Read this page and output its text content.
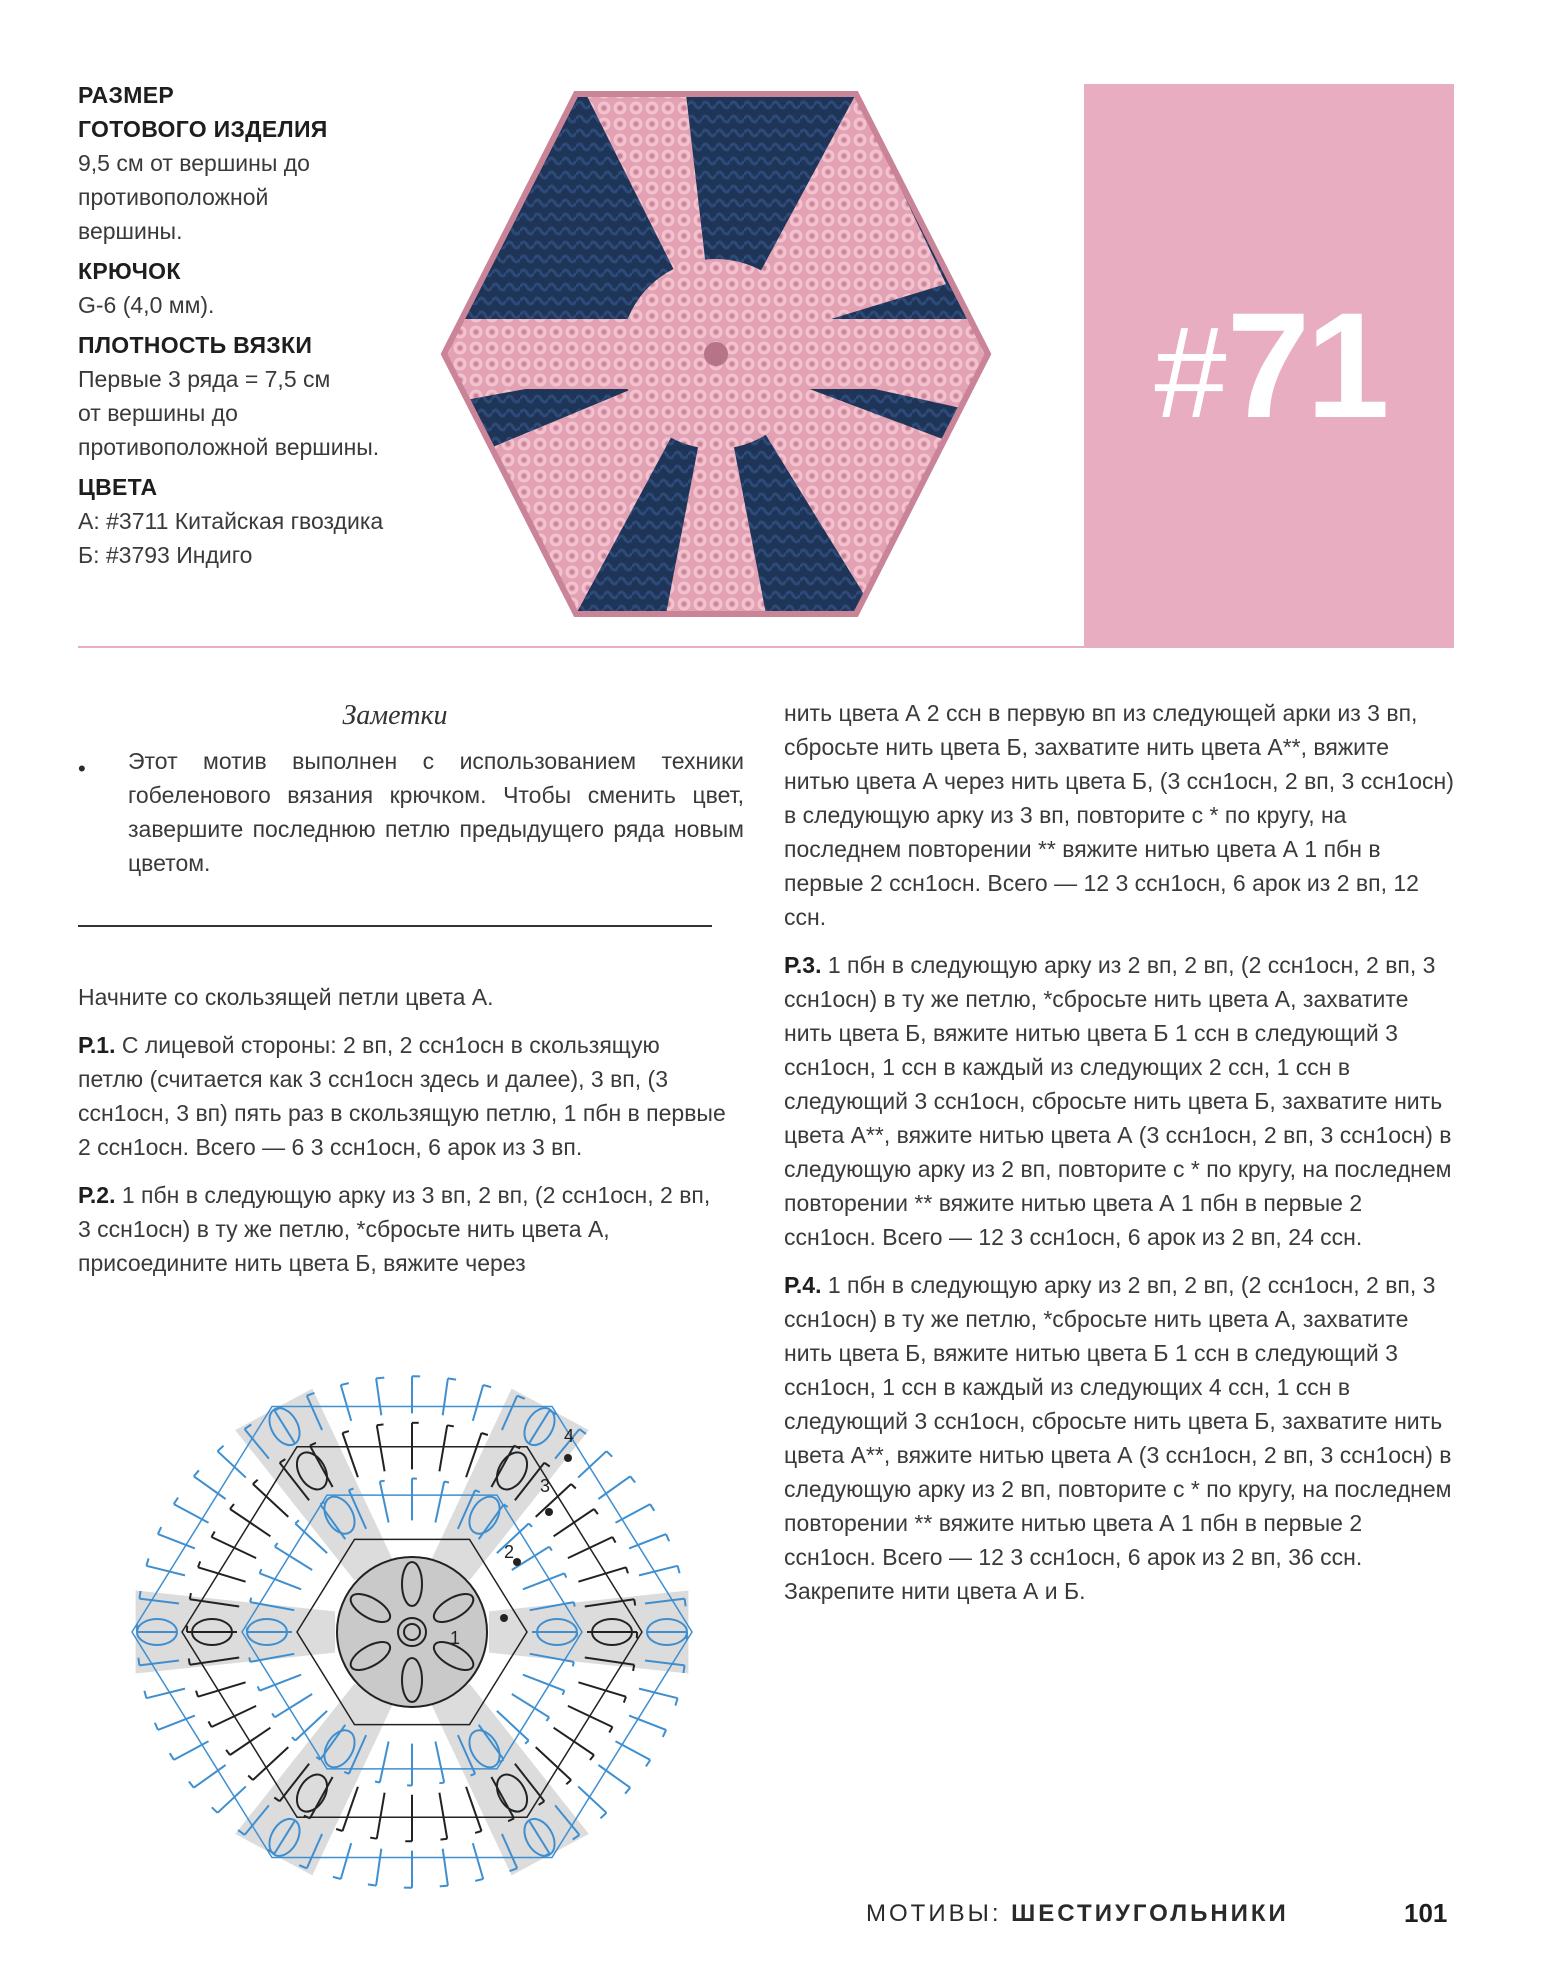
РАЗМЕР
ГОТОВОГО ИЗДЕЛИЯ
9,5 см от вершины до
противоположной
вершины.
КРЮЧОК
G-6 (4,0 мм).
ПЛОТНОСТЬ ВЯЗКИ
Первые 3 ряда = 7,5 см
от вершины до
противоположной вершины.
ЦВЕТА
А: #3711 Китайская гвоздика
Б: #3793 Индиго
#71
Заметки
• Этот мотив выполнен с использованием техники гобеленового вязания крючком. Чтобы сменить цвет, завершите последнюю петлю предыдущего ряда новым цветом.

Начните со скользящей петли цвета А.

Р.1. С лицевой стороны: 2 вп, 2 ссн1осн в скользящую петлю (считается как 3 ссн1осн здесь и далее), 3 вп, (3 ссн1осн, 3 вп) пять раз в скользящую петлю, 1 пбн в первые 2 ссн1осн. Всего — 6 3 ссн1осн, 6 арок из 3 вп.

Р.2. 1 пбн в следующую арку из 3 вп, 2 вп, (2 ссн1осн, 2 вп, 3 ссн1осн) в ту же петлю, *сбросьте нить цвета А, присоедините нить цвета Б, вяжите через

нить цвета А 2 ссн в первую вп из следующей арки из 3 вп, сбросьте нить цвета Б, захватите нить цвета А**, вяжите нитью цвета А через нить цвета Б, (3 ссн1осн, 2 вп, 3 ссн1осн) в следующую арку из 3 вп, повторите с * по кругу, на последнем повторении ** вяжите нитью цвета А 1 пбн в первые 2 ссн1осн. Всего — 12 3 ссн1осн, 6 арок из 2 вп, 12 ссн.

Р.3. 1 пбн в следующую арку из 2 вп, 2 вп, (2 ссн1осн, 2 вп, 3 ссн1осн) в ту же петлю, *сбросьте нить цвета А, захватите нить цвета Б, вяжите нитью цвета Б 1 ссн в следующий 3 ссн1осн, 1 ссн в каждый из следующих 2 ссн, 1 ссн в следующий 3 ссн1осн, сбросьте нить цвета Б, захватите нить цвета А**, вяжите нитью цвета А (3 ссн1осн, 2 вп, 3 ссн1осн) в следующую арку из 2 вп, повторите с * по кругу, на последнем повторении ** вяжите нитью цвета А 1 пбн в первые 2 ссн1осн. Всего — 12 3 ссн1осн, 6 арок из 2 вп, 24 ссн.

Р.4. 1 пбн в следующую арку из 2 вп, 2 вп, (2 ссн1осн, 2 вп, 3 ссн1осн) в ту же петлю, *сбросьте нить цвета А, захватите нить цвета Б, вяжите нитью цвета Б 1 ссн в следующий 3 ссн1осн, 1 ссн в каждый из следующих 4 ссн, 1 ссн в следующий 3 ссн1осн, сбросьте нить цвета Б, захватите нить цвета А**, вяжите нитью цвета А (3 ссн1осн, 2 вп, 3 ссн1осн) в следующую арку из 2 вп, повторите с * по кругу, на последнем повторении ** вяжите нитью цвета А 1 пбн в первые 2 ссн1осн. Всего — 12 3 ссн1осн, 6 арок из 2 вп, 36 ссн. Закрепите нити цвета А и Б.

1
2
3
4
МОТИВЫ: ШЕСТИУГОЛЬНИКИ	101
